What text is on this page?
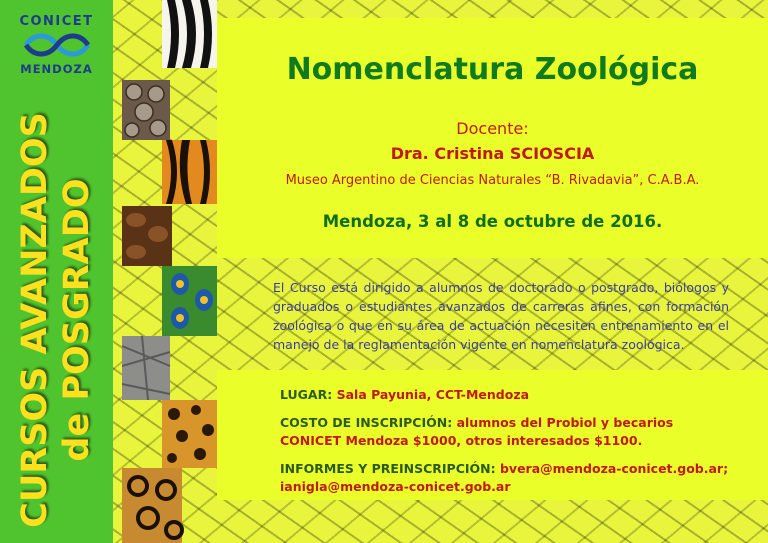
CONICET
MENDOZA
CURSOS AVANZADOS de POSGRADO
Nomenclatura Zoológica
Docente:
Dra. Cristina SCIOSCIA
Museo Argentino de Ciencias Naturales “B. Rivadavia”, C.A.B.A.
Mendoza, 3 al 8 de octubre de 2016.
El Curso está dirigido a alumnos de doctorado o postgrado, biólogos y graduados o estudiantes avanzados de carreras afines, con formación zoológica o que en su área de actuación necesiten entrenamiento en el manejo de la reglamentación vigente en nomenclatura zoológica.
LUGAR: Sala Payunia, CCT-Mendoza
COSTO DE INSCRIPCIÓN: alumnos del Probiol y becarios
CONICET Mendoza $1000, otros interesados $1100.
INFORMES Y PREINSCRIPCIÓN: bvera@mendoza-conicet.gob.ar;
ianigla@mendoza-conicet.gob.ar
